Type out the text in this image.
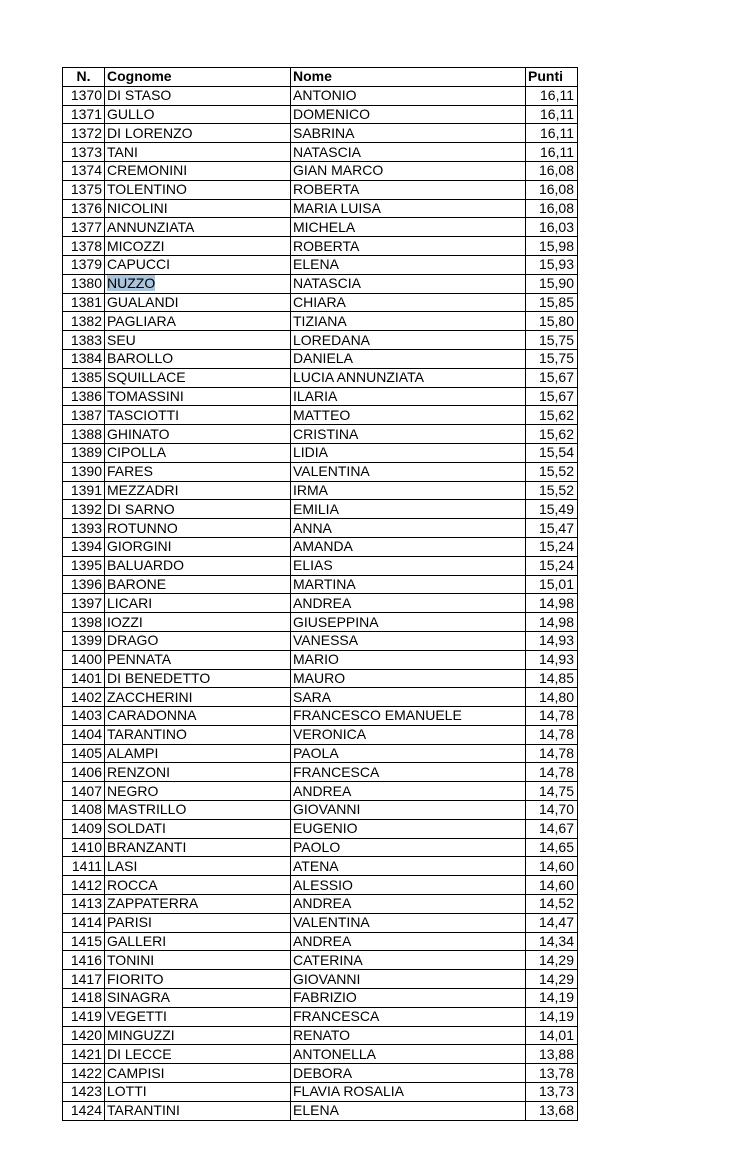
N.	Cognome	Nome	Punti
1370	DI STASO	ANTONIO	16,11
1371	GULLO	DOMENICO	16,11
1372	DI LORENZO	SABRINA	16,11
1373	TANI	NATASCIA	16,11
1374	CREMONINI	GIAN MARCO	16,08
1375	TOLENTINO	ROBERTA	16,08
1376	NICOLINI	MARIA LUISA	16,08
1377	ANNUNZIATA	MICHELA	16,03
1378	MICOZZI	ROBERTA	15,98
1379	CAPUCCI	ELENA	15,93
1380	NUZZO	NATASCIA	15,90
1381	GUALANDI	CHIARA	15,85
1382	PAGLIARA	TIZIANA	15,80
1383	SEU	LOREDANA	15,75
1384	BAROLLO	DANIELA	15,75
1385	SQUILLACE	LUCIA ANNUNZIATA	15,67
1386	TOMASSINI	ILARIA	15,67
1387	TASCIOTTI	MATTEO	15,62
1388	GHINATO	CRISTINA	15,62
1389	CIPOLLA	LIDIA	15,54
1390	FARES	VALENTINA	15,52
1391	MEZZADRI	IRMA	15,52
1392	DI SARNO	EMILIA	15,49
1393	ROTUNNO	ANNA	15,47
1394	GIORGINI	AMANDA	15,24
1395	BALUARDO	ELIAS	15,24
1396	BARONE	MARTINA	15,01
1397	LICARI	ANDREA	14,98
1398	IOZZI	GIUSEPPINA	14,98
1399	DRAGO	VANESSA	14,93
1400	PENNATA	MARIO	14,93
1401	DI BENEDETTO	MAURO	14,85
1402	ZACCHERINI	SARA	14,80
1403	CARADONNA	FRANCESCO EMANUELE	14,78
1404	TARANTINO	VERONICA	14,78
1405	ALAMPI	PAOLA	14,78
1406	RENZONI	FRANCESCA	14,78
1407	NEGRO	ANDREA	14,75
1408	MASTRILLO	GIOVANNI	14,70
1409	SOLDATI	EUGENIO	14,67
1410	BRANZANTI	PAOLO	14,65
1411	LASI	ATENA	14,60
1412	ROCCA	ALESSIO	14,60
1413	ZAPPATERRA	ANDREA	14,52
1414	PARISI	VALENTINA	14,47
1415	GALLERI	ANDREA	14,34
1416	TONINI	CATERINA	14,29
1417	FIORITO	GIOVANNI	14,29
1418	SINAGRA	FABRIZIO	14,19
1419	VEGETTI	FRANCESCA	14,19
1420	MINGUZZI	RENATO	14,01
1421	DI LECCE	ANTONELLA	13,88
1422	CAMPISI	DEBORA	13,78
1423	LOTTI	FLAVIA ROSALIA	13,73
1424	TARANTINI	ELENA	13,68
